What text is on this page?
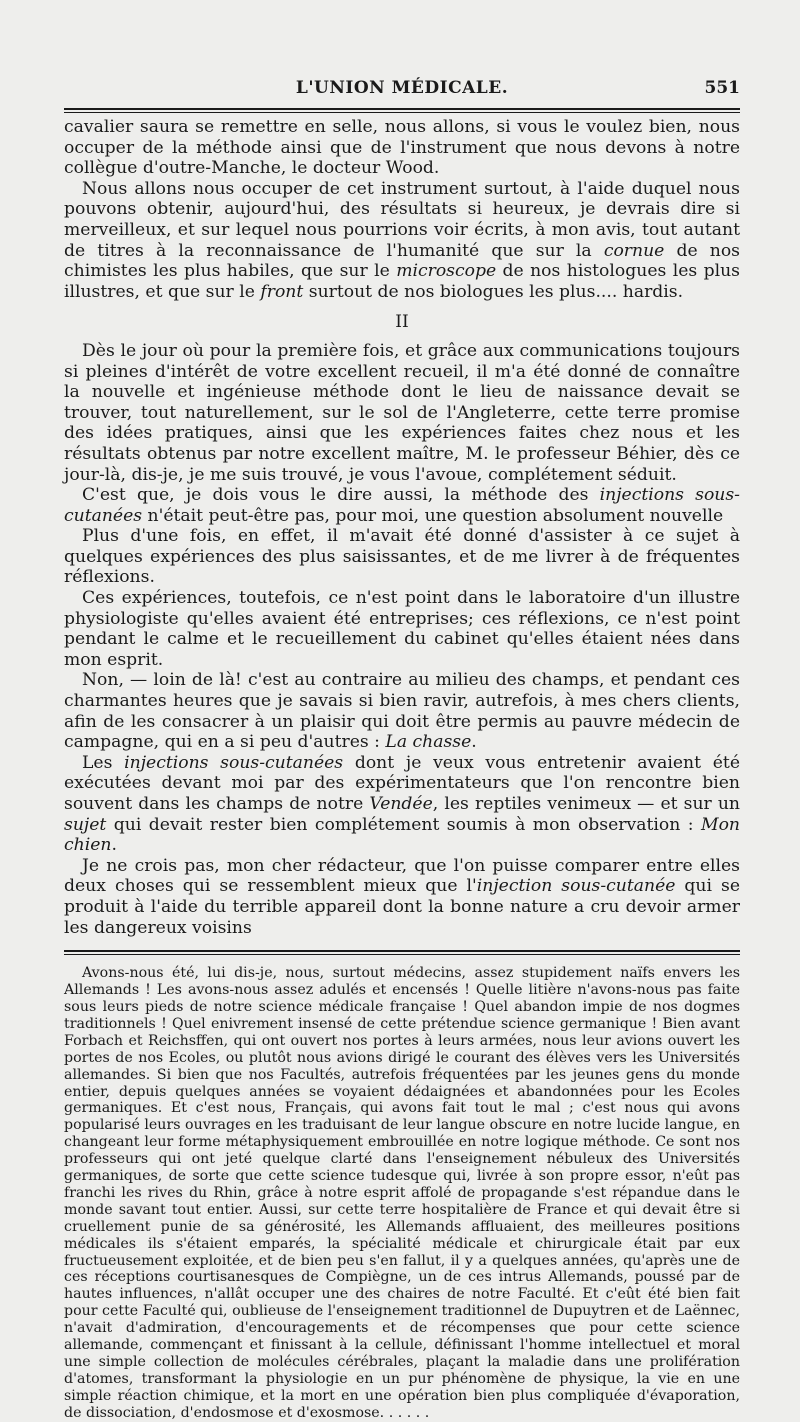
L'UNION MÉDICALE.	551

cavalier saura se remettre en selle, nous allons, si vous le voulez bien, nous occuper de la méthode ainsi que de l'instrument que nous devons à notre collègue d'outre-Manche, le docteur Wood.

Nous allons nous occuper de cet instrument surtout, à l'aide duquel nous pouvons obtenir, aujourd'hui, des résultats si heureux, je devrais dire si merveilleux, et sur lequel nous pourrions voir écrits, à mon avis, tout autant de titres à la reconnaissance de l'humanité que sur la cornue de nos chimistes les plus habiles, que sur le microscope de nos histologues les plus illustres, et que sur le front surtout de nos biologues les plus.... hardis.

II

Dès le jour où pour la première fois, et grâce aux communications toujours si pleines d'intérêt de votre excellent recueil, il m'a été donné de connaître la nouvelle et ingénieuse méthode dont le lieu de naissance devait se trouver, tout naturellement, sur le sol de l'Angleterre, cette terre promise des idées pratiques, ainsi que les expériences faites chez nous et les résultats obtenus par notre excellent maître, M. le professeur Béhier, dès ce jour-là, dis-je, je me suis trouvé, je vous l'avoue, complétement séduit.

C'est que, je dois vous le dire aussi, la méthode des injections sous-cutanées n'était peut-être pas, pour moi, une question absolument nouvelle

Plus d'une fois, en effet, il m'avait été donné d'assister à ce sujet à quelques expériences des plus saisissantes, et de me livrer à de fréquentes réflexions.

Ces expériences, toutefois, ce n'est point dans le laboratoire d'un illustre physiologiste qu'elles avaient été entreprises; ces réflexions, ce n'est point pendant le calme et le recueillement du cabinet qu'elles étaient nées dans mon esprit.

Non, — loin de là! c'est au contraire au milieu des champs, et pendant ces charmantes heures que je savais si bien ravir, autrefois, à mes chers clients, afin de les consacrer à un plaisir qui doit être permis au pauvre médecin de campagne, qui en a si peu d'autres : La chasse.

Les injections sous-cutanées dont je veux vous entretenir avaient été exécutées devant moi par des expérimentateurs que l'on rencontre bien souvent dans les champs de notre Vendée, les reptiles venimeux — et sur un sujet qui devait rester bien complétement soumis à mon observation : Mon chien.

Je ne crois pas, mon cher rédacteur, que l'on puisse comparer entre elles deux choses qui se ressemblent mieux que l'injection sous-cutanée qui se produit à l'aide du terrible appareil dont la bonne nature a cru devoir armer les dangereux voisins

Avons-nous été, lui dis-je, nous, surtout médecins, assez stupidement naïfs envers les Allemands ! Les avons-nous assez adulés et encensés ! Quelle litière n'avons-nous pas faite sous leurs pieds de notre science médicale française ! Quel abandon impie de nos dogmes traditionnels ! Quel enivrement insensé de cette prétendue science germanique ! Bien avant Forbach et Reichsffen, qui ont ouvert nos portes à leurs armées, nous leur avions ouvert les portes de nos Ecoles, ou plutôt nous avions dirigé le courant des élèves vers les Universités allemandes. Si bien que nos Facultés, autrefois fréquentées par les jeunes gens du monde entier, depuis quelques années se voyaient dédaignées et abandonnées pour les Ecoles germaniques. Et c'est nous, Français, qui avons fait tout le mal ; c'est nous qui avons popularisé leurs ouvrages en les traduisant de leur langue obscure en notre lucide langue, en changeant leur forme métaphysiquement embrouillée en notre logique méthode. Ce sont nos professeurs qui ont jeté quelque clarté dans l'enseignement nébuleux des Universités germaniques, de sorte que cette science tudesque qui, livrée à son propre essor, n'eût pas franchi les rives du Rhin, grâce à notre esprit affolé de propagande s'est répandue dans le monde savant tout entier. Aussi, sur cette terre hospitalière de France et qui devait être si cruellement punie de sa générosité, les Allemands affluaient, des meilleures positions médicales ils s'étaient emparés, la spécialité médicale et chirurgicale était par eux fructueusement exploitée, et de bien peu s'en fallut, il y a quelques années, qu'après une de ces réceptions courtisanesques de Compiègne, un de ces intrus Allemands, poussé par de hautes influences, n'allât occuper une des chaires de notre Faculté. Et c'eût été bien fait pour cette Faculté qui, oublieuse de l'enseignement traditionnel de Dupuytren et de Laënnec, n'avait d'admiration, d'encouragements et de récompenses que pour cette science allemande, commençant et finissant à la cellule, définissant l'homme intellectuel et moral une simple collection de molécules cérébrales, plaçant la maladie dans une prolifération d'atomes, transformant la physiologie en un pur phénomène de physique, la vie en une simple réaction chimique, et la mort en une opération bien plus compliquée d'évaporation, de dissociation, d'endosmose et d'exosmose. . . . . .
